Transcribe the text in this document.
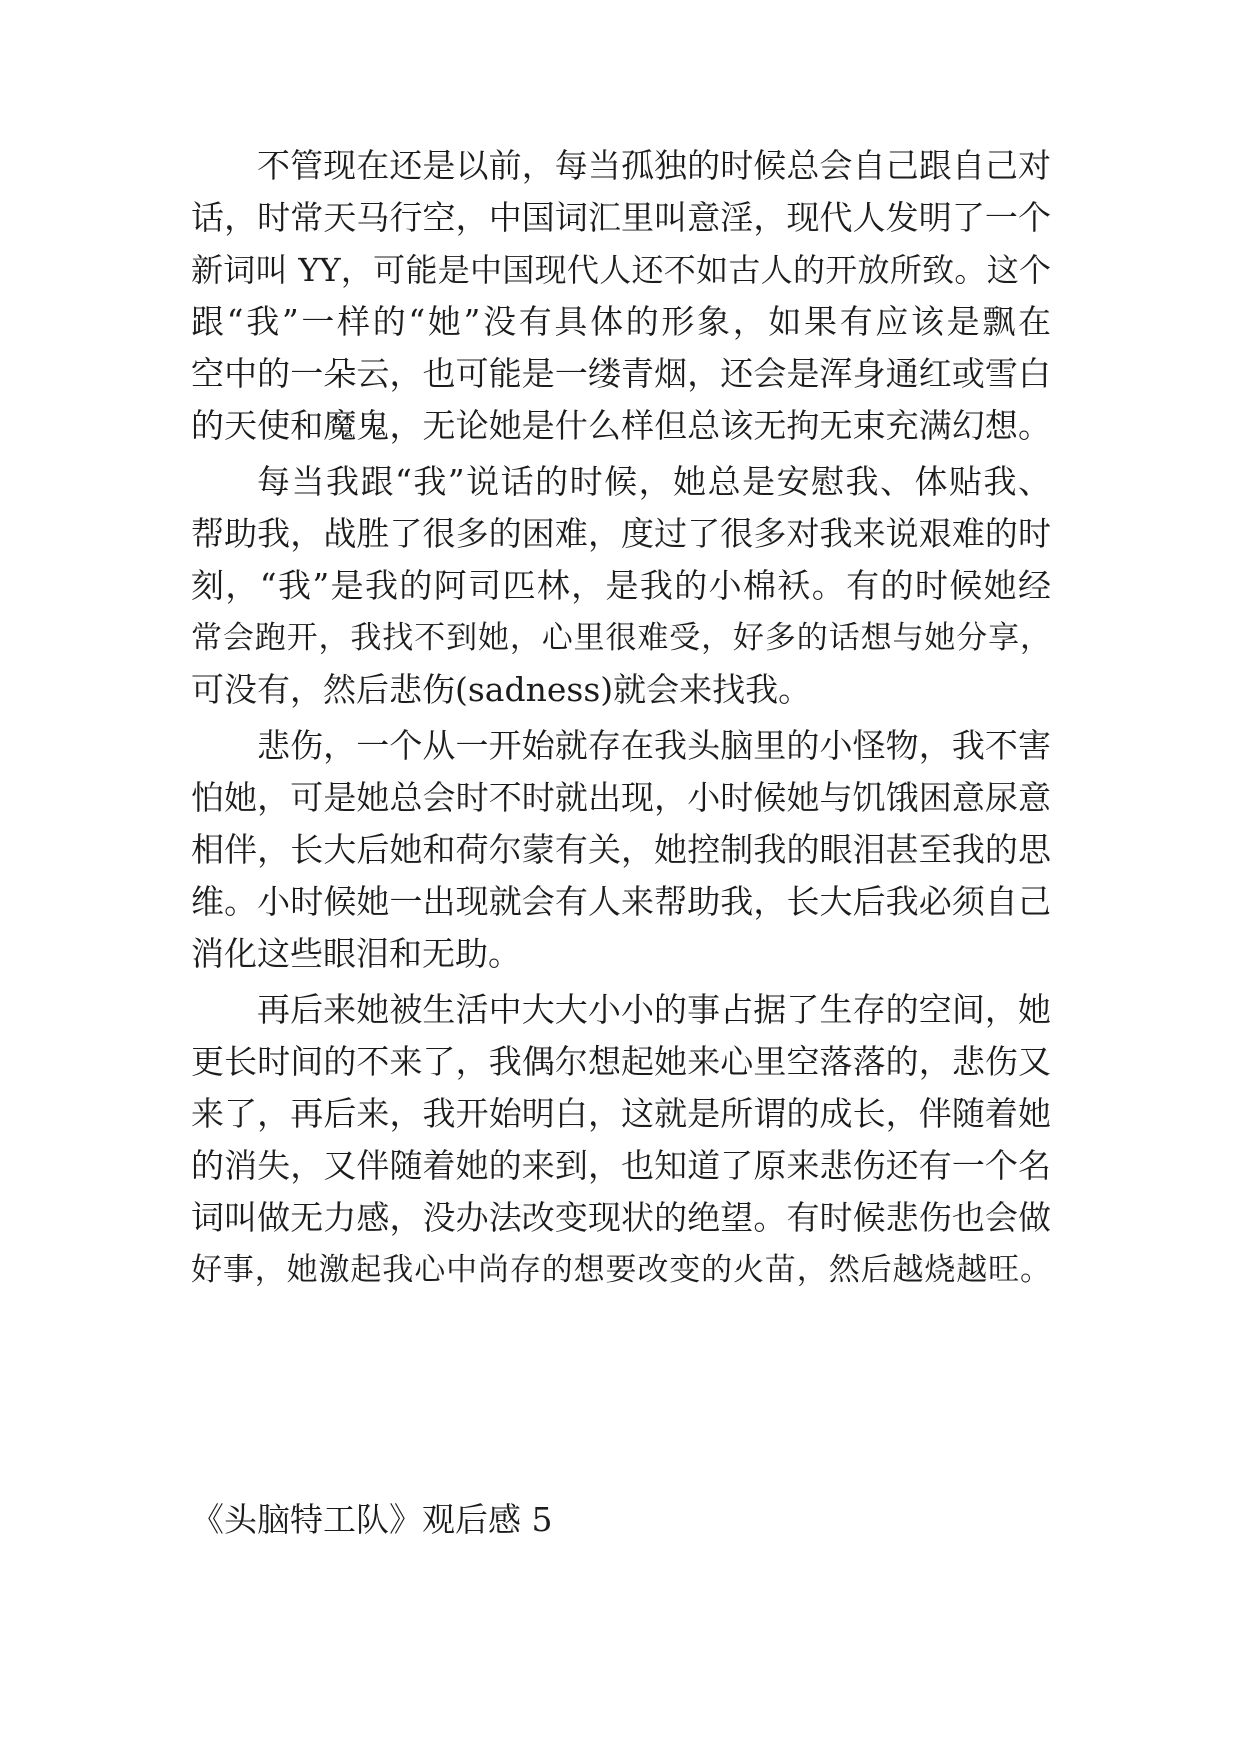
不管现在还是以前，每当孤独的时候总会自己跟自己对
话，时常天马行空，中国词汇里叫意淫，现代人发明了一个
新词叫 YY，可能是中国现代人还不如古人的开放所致。这个
跟“我”一样的“她”没有具体的形象，如果有应该是飘在
空中的一朵云，也可能是一缕青烟，还会是浑身通红或雪白
的天使和魔鬼，无论她是什么样但总该无拘无束充满幻想。
每当我跟“我”说话的时候，她总是安慰我、体贴我、
帮助我，战胜了很多的困难，度过了很多对我来说艰难的时
刻，“我”是我的阿司匹林，是我的小棉袄。有的时候她经
常会跑开，我找不到她，心里很难受，好多的话想与她分享，
可没有，然后悲伤(sadness)就会来找我。
悲伤，一个从一开始就存在我头脑里的小怪物，我不害
怕她，可是她总会时不时就出现，小时候她与饥饿困意尿意
相伴，长大后她和荷尔蒙有关，她控制我的眼泪甚至我的思
维。小时候她一出现就会有人来帮助我，长大后我必须自己
消化这些眼泪和无助。
再后来她被生活中大大小小的事占据了生存的空间，她
更长时间的不来了，我偶尔想起她来心里空落落的，悲伤又
来了，再后来，我开始明白，这就是所谓的成长，伴随着她
的消失，又伴随着她的来到，也知道了原来悲伤还有一个名
词叫做无力感，没办法改变现状的绝望。有时候悲伤也会做
好事，她激起我心中尚存的想要改变的火苗，然后越烧越旺。
《头脑特工队》观后感 5
